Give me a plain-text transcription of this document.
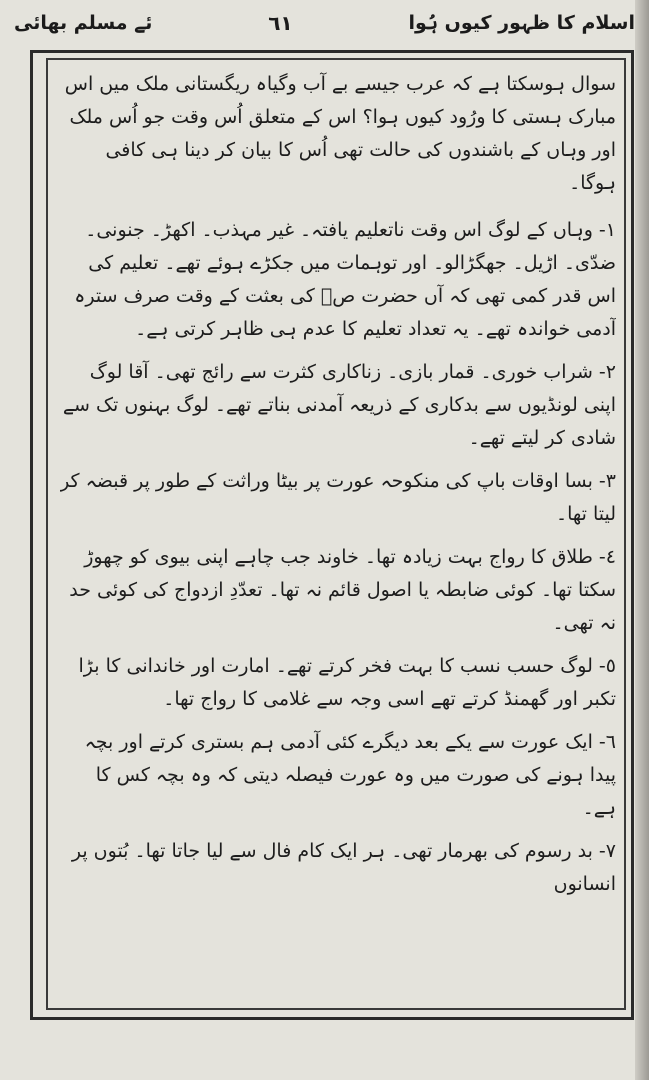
ئے مسلم بھائی	٦١	اسلام کا ظہور کیوں ہُوا

سوال ہوسکتا ہے کہ عرب جیسے بے آب وگیاہ ریگستانی ملک میں اس مبارک ہستی کا ورُود کیوں ہوا؟ اس کے متعلق اُس وقت جو اُس ملک اور وہاں کے باشندوں کی حالت تھی اُس کا بیان کر دینا ہی کافی ہوگا۔

١- وہاں کے لوگ اس وقت ناتعلیم یافتہ۔ غیر مہذب۔ اکھڑ۔ جنونی۔ ضدّی۔ اڑیل۔ جھگڑالو۔ اور توہمات میں جکڑے ہوئے تھے۔ تعلیم کی اس قدر کمی تھی کہ آں حضرت صؐ کی بعثت کے وقت صرف سترہ آدمی خواندہ تھے۔ یہ تعداد تعلیم کا عدم ہی ظاہر کرتی ہے۔

٢- شراب خوری۔ قمار بازی۔ زناکاری کثرت سے رائج تھی۔ آقا لوگ اپنی لونڈیوں سے بدکاری کے ذریعہ آمدنی بناتے تھے۔ لوگ بہنوں تک سے شادی کر لیتے تھے۔

٣- بسا اوقات باپ کی منکوحہ عورت پر بیٹا وراثت کے طور پر قبضہ کر لیتا تھا۔

٤- طلاق کا رواج بہت زیادہ تھا۔ خاوند جب چاہے اپنی بیوی کو چھوڑ سکتا تھا۔ کوئی ضابطہ یا اصول قائم نہ تھا۔ تعدّدِ ازدواج کی کوئی حد نہ تھی۔

٥- لوگ حسب نسب کا بہت فخر کرتے تھے۔ امارت اور خاندانی کا بڑا تکبر اور گھمنڈ کرتے تھے اسی وجہ سے غلامی کا رواج تھا۔

٦- ایک عورت سے یکے بعد دیگرے کئی آدمی ہم بستری کرتے اور بچہ پیدا ہونے کی صورت میں وہ عورت فیصلہ دیتی کہ وہ بچہ کس کا ہے۔

٧- بد رسوم کی بھرمار تھی۔ ہر ایک کام فال سے لیا جاتا تھا۔ بُتوں پر انسانوں
